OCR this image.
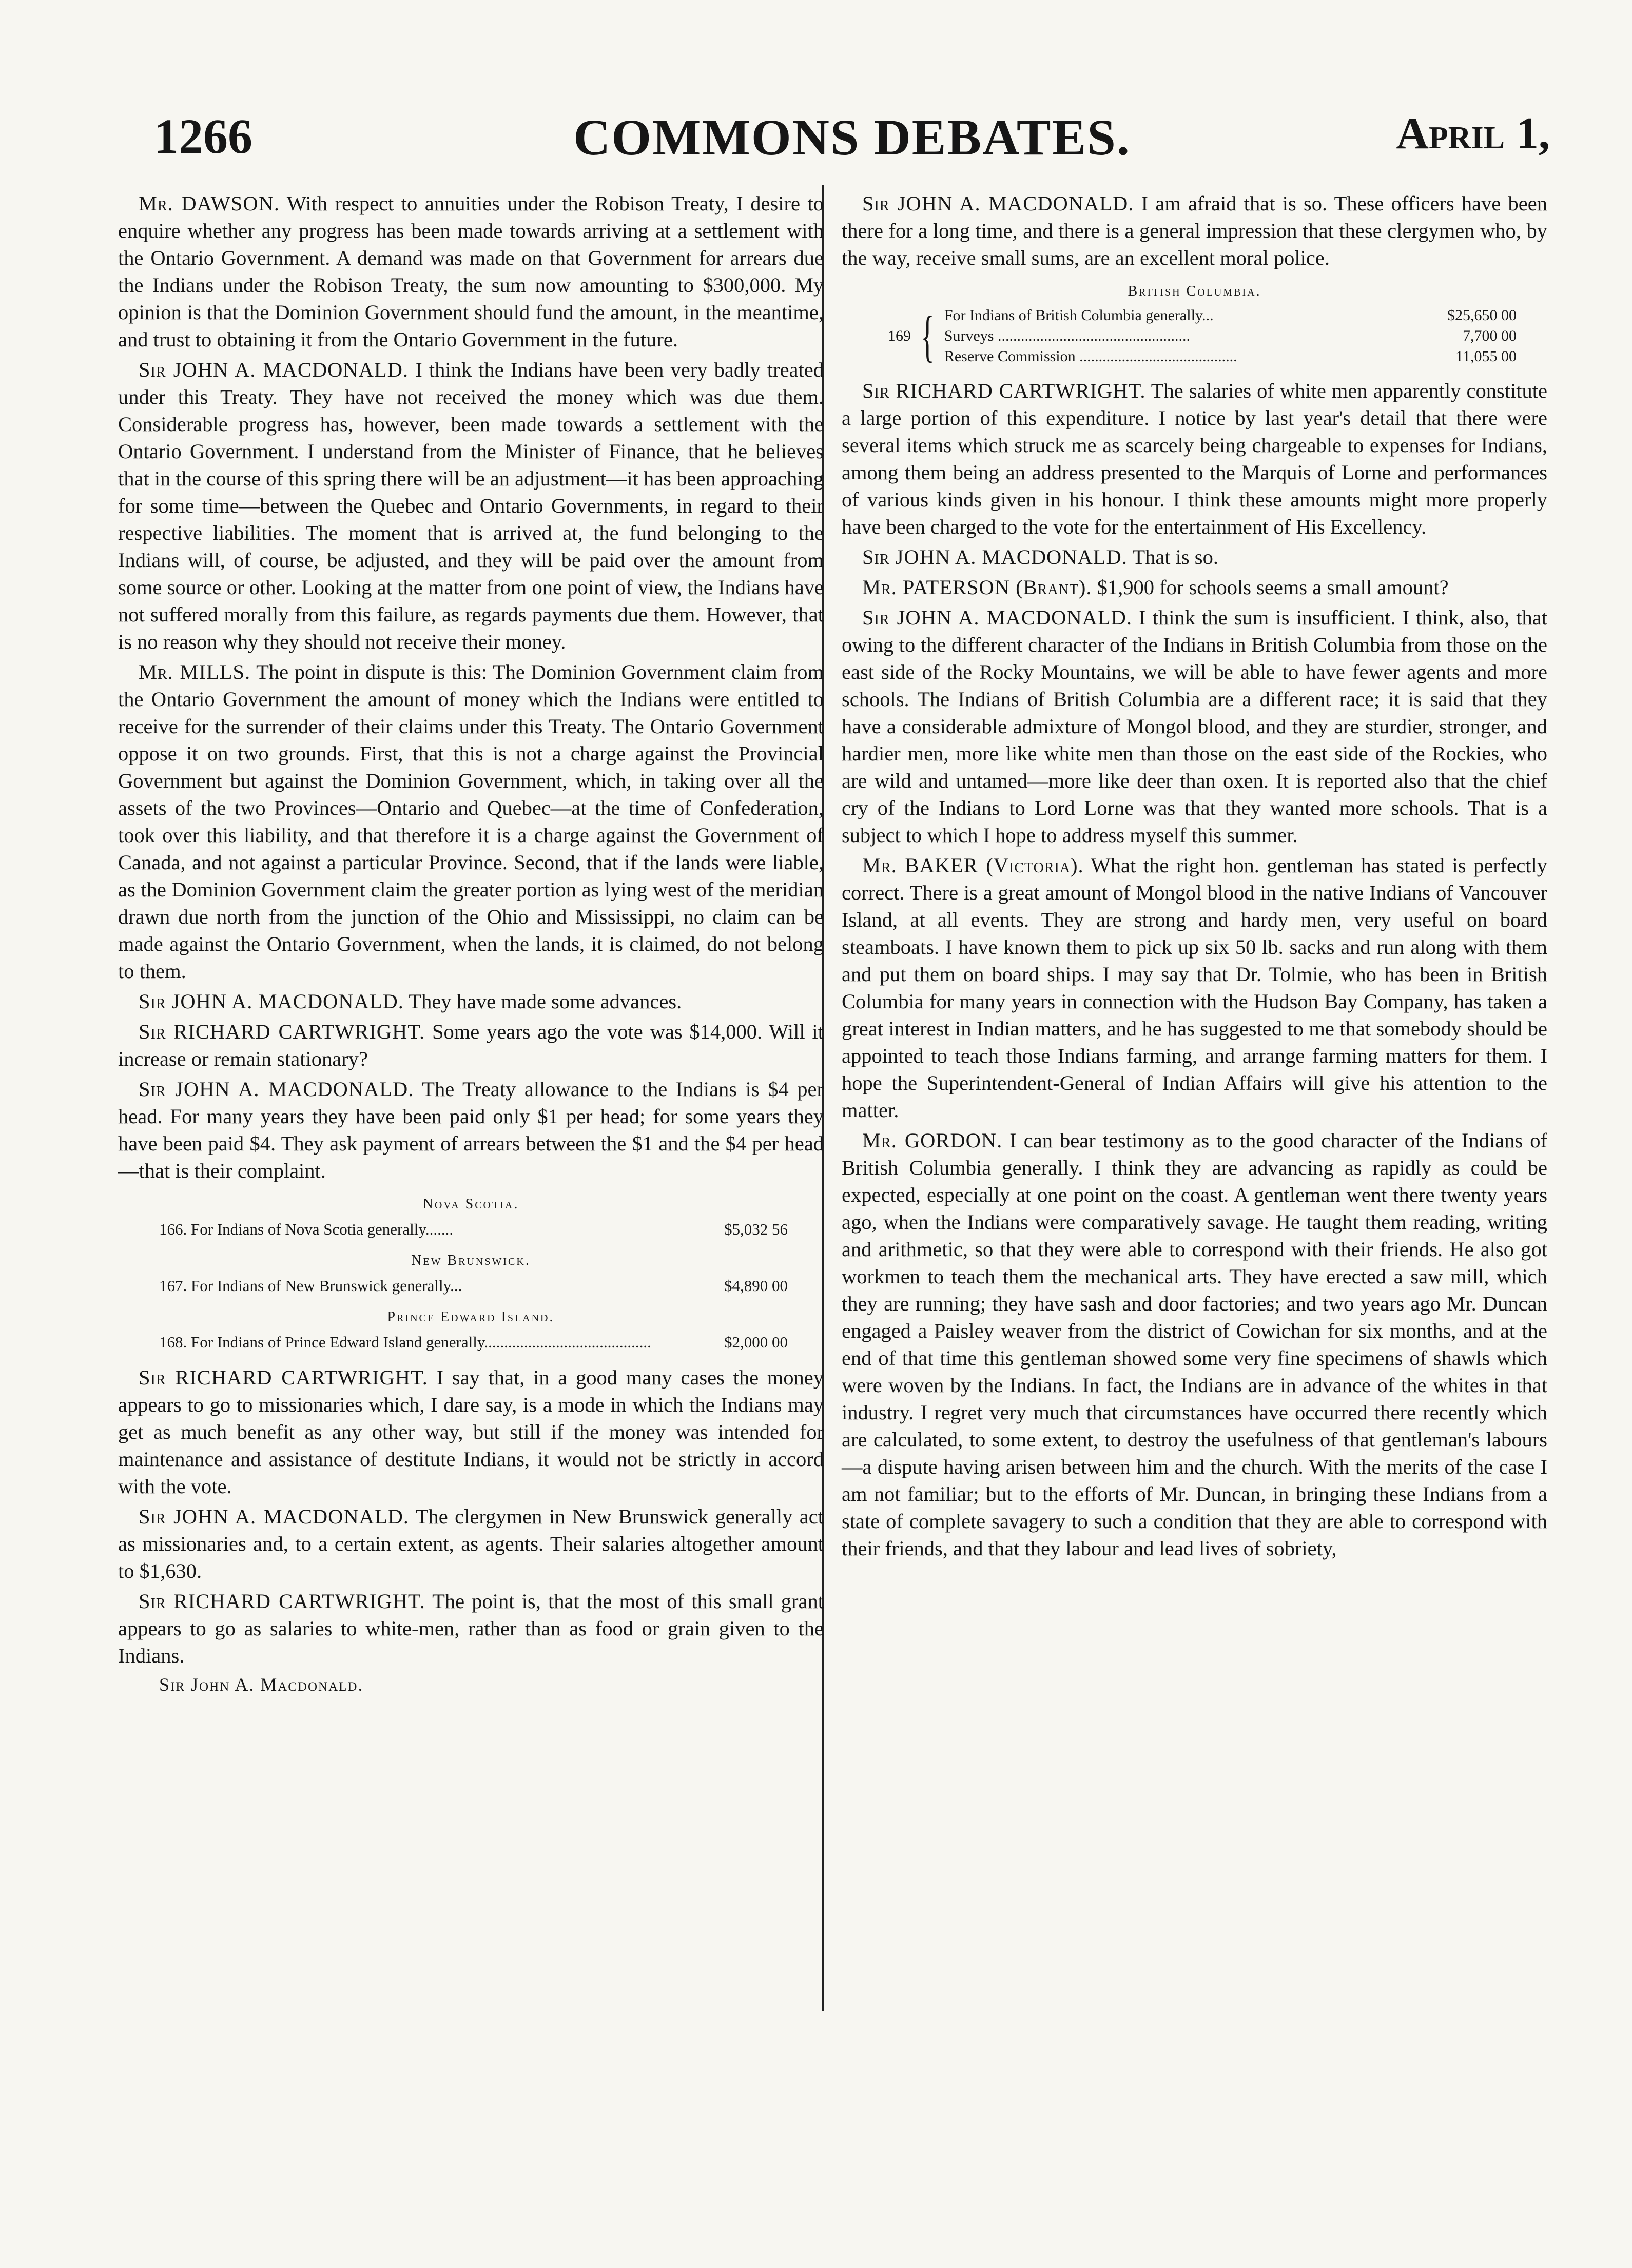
1266	COMMONS DEBATES.	April 1,

Mr. DAWSON. With respect to annuities under the Robison Treaty, I desire to enquire whether any progress has been made towards arriving at a settlement with the Ontario Government. A demand was made on that Government for arrears due the Indians under the Robison Treaty, the sum now amounting to $300,000. My opinion is that the Dominion Government should fund the amount, in the meantime, and trust to obtaining it from the Ontario Government in the future.

Sir JOHN A. MACDONALD. I think the Indians have been very badly treated under this Treaty. They have not received the money which was due them. Considerable progress has, however, been made towards a settlement with the Ontario Government. I understand from the Minister of Finance, that he believes that in the course of this spring there will be an adjustment—it has been approaching for some time—between the Quebec and Ontario Governments, in regard to their respective liabilities. The moment that is arrived at, the fund belonging to the Indians will, of course, be adjusted, and they will be paid over the amount from some source or other. Looking at the matter from one point of view, the Indians have not suffered morally from this failure, as regards payments due them. However, that is no reason why they should not receive their money.

Mr. MILLS. The point in dispute is this: The Dominion Government claim from the Ontario Government the amount of money which the Indians were entitled to receive for the surrender of their claims under this Treaty. The Ontario Government oppose it on two grounds. First, that this is not a charge against the Provincial Government but against the Dominion Government, which, in taking over all the assets of the two Provinces—Ontario and Quebec—at the time of Confederation, took over this liability, and that therefore it is a charge against the Government of Canada, and not against a particular Province. Second, that if the lands were liable, as the Dominion Government claim the greater portion as lying west of the meridian drawn due north from the junction of the Ohio and Mississippi, no claim can be made against the Ontario Government, when the lands, it is claimed, do not belong to them.

Sir JOHN A. MACDONALD. They have made some advances.

Sir RICHARD CARTWRIGHT. Some years ago the vote was $14,000. Will it increase or remain stationary?

Sir JOHN A. MACDONALD. The Treaty allowance to the Indians is $4 per head. For many years they have been paid only $1 per head; for some years they have been paid $4. They ask payment of arrears between the $1 and the $4 per head—that is their complaint.

Nova Scotia.
166. For Indians of Nova Scotia generally.......	$5,032 56
New Brunswick.
167. For Indians of New Brunswick generally...	$4,890 00
Prince Edward Island.
168. For Indians of Prince Edward Island generally..........................................	$2,000 00

Sir RICHARD CARTWRIGHT. I say that, in a good many cases the money appears to go to missionaries which, I dare say, is a mode in which the Indians may get as much benefit as any other way, but still if the money was intended for maintenance and assistance of destitute Indians, it would not be strictly in accord with the vote.

Sir JOHN A. MACDONALD. The clergymen in New Brunswick generally act as missionaries and, to a certain extent, as agents. Their salaries altogether amount to $1,630.

Sir RICHARD CARTWRIGHT. The point is, that the most of this small grant appears to go as salaries to white-men, rather than as food or grain given to the Indians.

Sir John A. Macdonald.

Sir JOHN A. MACDONALD. I am afraid that is so. These officers have been there for a long time, and there is a general impression that these clergymen who, by the way, receive small sums, are an excellent moral police.

British Columbia.
169 { For Indians of British Columbia generally...	$25,650 00
Surveys ..................................................	7,700 00
Reserve Commission .........................................	11,055 00

Sir RICHARD CARTWRIGHT. The salaries of white men apparently constitute a large portion of this expenditure. I notice by last year's detail that there were several items which struck me as scarcely being chargeable to expenses for Indians, among them being an address presented to the Marquis of Lorne and performances of various kinds given in his honour. I think these amounts might more properly have been charged to the vote for the entertainment of His Excellency.

Sir JOHN A. MACDONALD. That is so.

Mr. PATERSON (Brant). $1,900 for schools seems a small amount?

Sir JOHN A. MACDONALD. I think the sum is insufficient. I think, also, that owing to the different character of the Indians in British Columbia from those on the east side of the Rocky Mountains, we will be able to have fewer agents and more schools. The Indians of British Columbia are a different race; it is said that they have a considerable admixture of Mongol blood, and they are sturdier, stronger, and hardier men, more like white men than those on the east side of the Rockies, who are wild and untamed—more like deer than oxen. It is reported also that the chief cry of the Indians to Lord Lorne was that they wanted more schools. That is a subject to which I hope to address myself this summer.

Mr. BAKER (Victoria). What the right hon. gentleman has stated is perfectly correct. There is a great amount of Mongol blood in the native Indians of Vancouver Island, at all events. They are strong and hardy men, very useful on board steamboats. I have known them to pick up six 50 lb. sacks and run along with them and put them on board ships. I may say that Dr. Tolmie, who has been in British Columbia for many years in connection with the Hudson Bay Company, has taken a great interest in Indian matters, and he has suggested to me that somebody should be appointed to teach those Indians farming, and arrange farming matters for them. I hope the Superintendent-General of Indian Affairs will give his attention to the matter.

Mr. GORDON. I can bear testimony as to the good character of the Indians of British Columbia generally. I think they are advancing as rapidly as could be expected, especially at one point on the coast. A gentleman went there twenty years ago, when the Indians were comparatively savage. He taught them reading, writing and arithmetic, so that they were able to correspond with their friends. He also got workmen to teach them the mechanical arts. They have erected a saw mill, which they are running; they have sash and door factories; and two years ago Mr. Duncan engaged a Paisley weaver from the district of Cowichan for six months, and at the end of that time this gentleman showed some very fine specimens of shawls which were woven by the Indians. In fact, the Indians are in advance of the whites in that industry. I regret very much that circumstances have occurred there recently which are calculated, to some extent, to destroy the usefulness of that gentleman's labours—a dispute having arisen between him and the church. With the merits of the case I am not familiar; but to the efforts of Mr. Duncan, in bringing these Indians from a state of complete savagery to such a condition that they are able to correspond with their friends, and that they labour and lead lives of sobriety,
